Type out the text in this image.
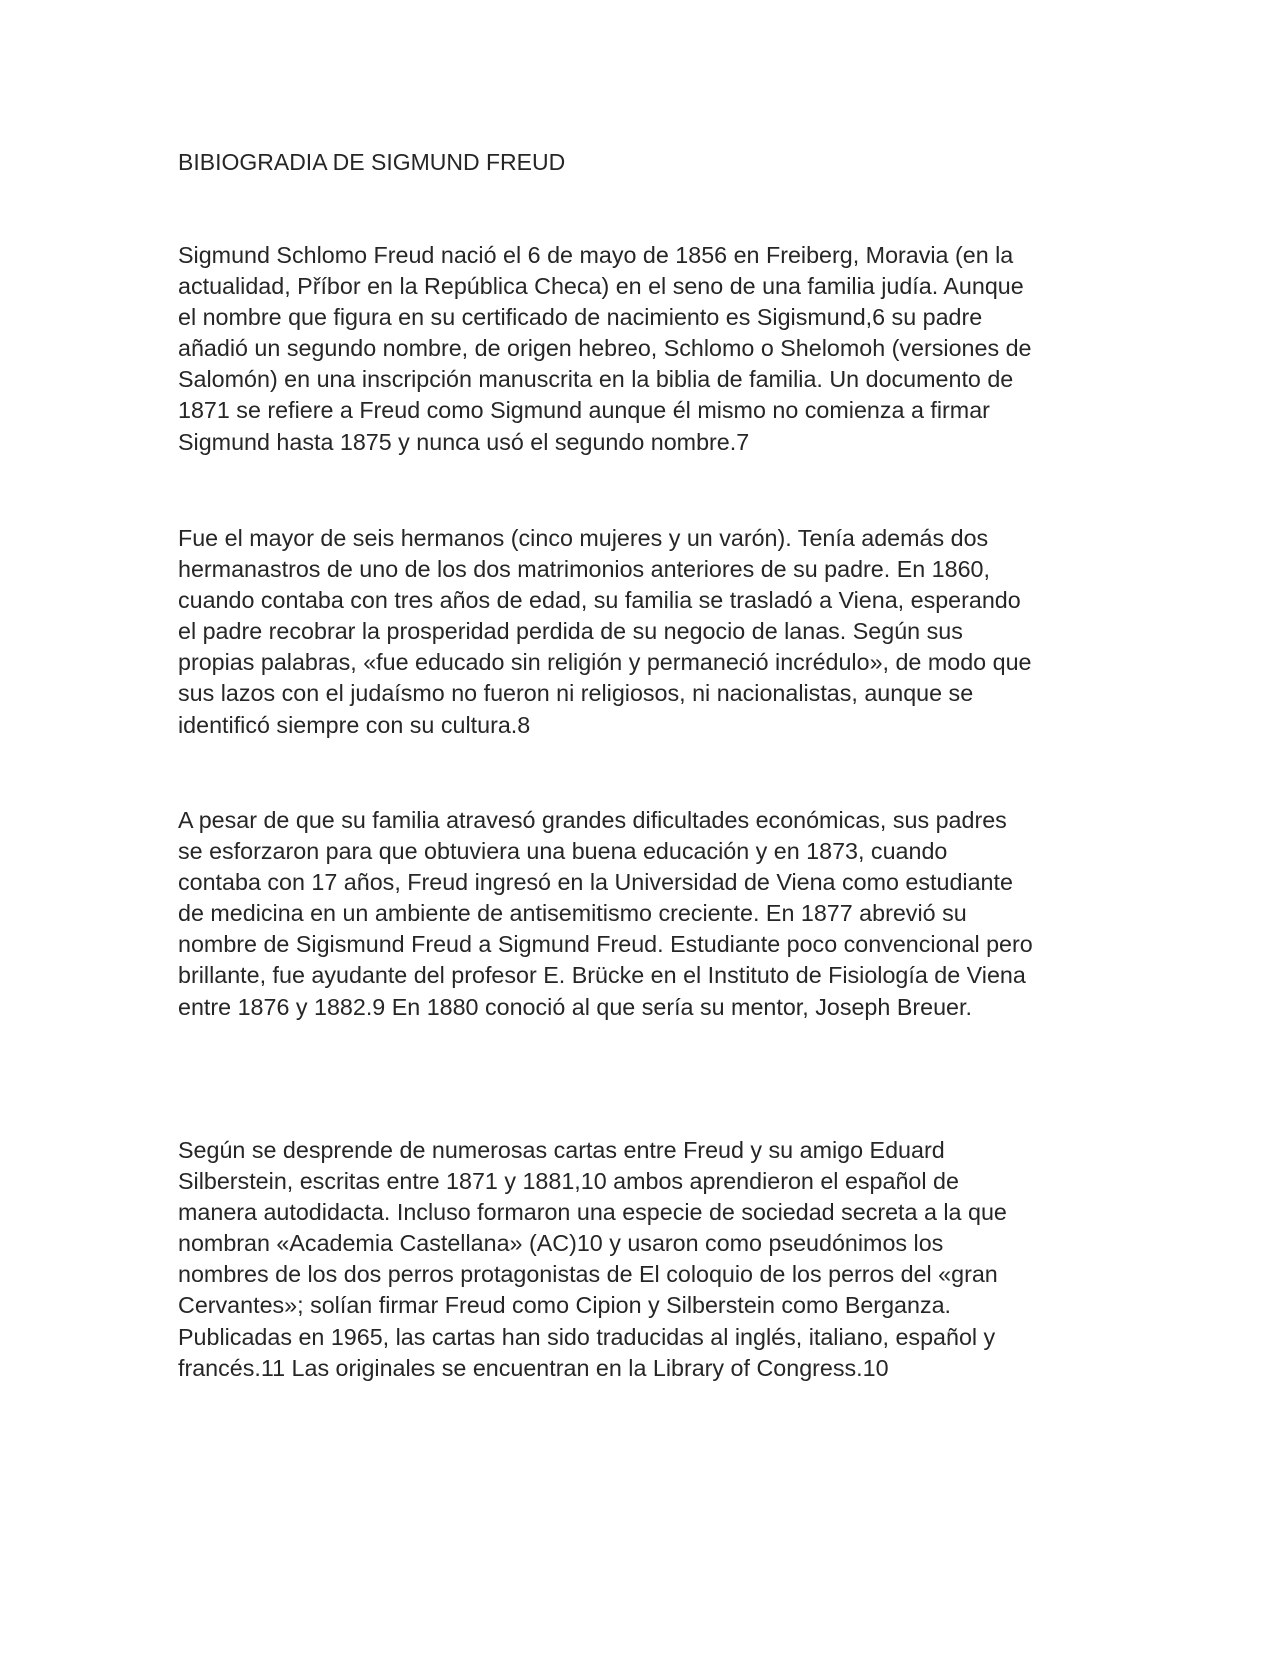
BIBIOGRADIA DE SIGMUND FREUD

Sigmund Schlomo Freud nació el 6 de mayo de 1856 en Freiberg, Moravia (en la
actualidad, Příbor en la República Checa) en el seno de una familia judía. Aunque
el nombre que figura en su certificado de nacimiento es Sigismund,6 su padre
añadió un segundo nombre, de origen hebreo, Schlomo o Shelomoh (versiones de
Salomón) en una inscripción manuscrita en la biblia de familia. Un documento de
1871 se refiere a Freud como Sigmund aunque él mismo no comienza a firmar
Sigmund hasta 1875 y nunca usó el segundo nombre.7

Fue el mayor de seis hermanos (cinco mujeres y un varón). Tenía además dos
hermanastros de uno de los dos matrimonios anteriores de su padre. En 1860,
cuando contaba con tres años de edad, su familia se trasladó a Viena, esperando
el padre recobrar la prosperidad perdida de su negocio de lanas. Según sus
propias palabras, «fue educado sin religión y permaneció incrédulo», de modo que
sus lazos con el judaísmo no fueron ni religiosos, ni nacionalistas, aunque se
identificó siempre con su cultura.8

A pesar de que su familia atravesó grandes dificultades económicas, sus padres
se esforzaron para que obtuviera una buena educación y en 1873, cuando
contaba con 17 años, Freud ingresó en la Universidad de Viena como estudiante
de medicina en un ambiente de antisemitismo creciente. En 1877 abrevió su
nombre de Sigismund Freud a Sigmund Freud. Estudiante poco convencional pero
brillante, fue ayudante del profesor E. Brücke en el Instituto de Fisiología de Viena
entre 1876 y 1882.9 En 1880 conoció al que sería su mentor, Joseph Breuer.

Según se desprende de numerosas cartas entre Freud y su amigo Eduard
Silberstein, escritas entre 1871 y 1881,10 ambos aprendieron el español de
manera autodidacta. Incluso formaron una especie de sociedad secreta a la que
nombran «Academia Castellana» (AC)10 y usaron como pseudónimos los
nombres de los dos perros protagonistas de El coloquio de los perros del «gran
Cervantes»; solían firmar Freud como Cipion y Silberstein como Berganza.
Publicadas en 1965, las cartas han sido traducidas al inglés, italiano, español y
francés.11 Las originales se encuentran en la Library of Congress.10
